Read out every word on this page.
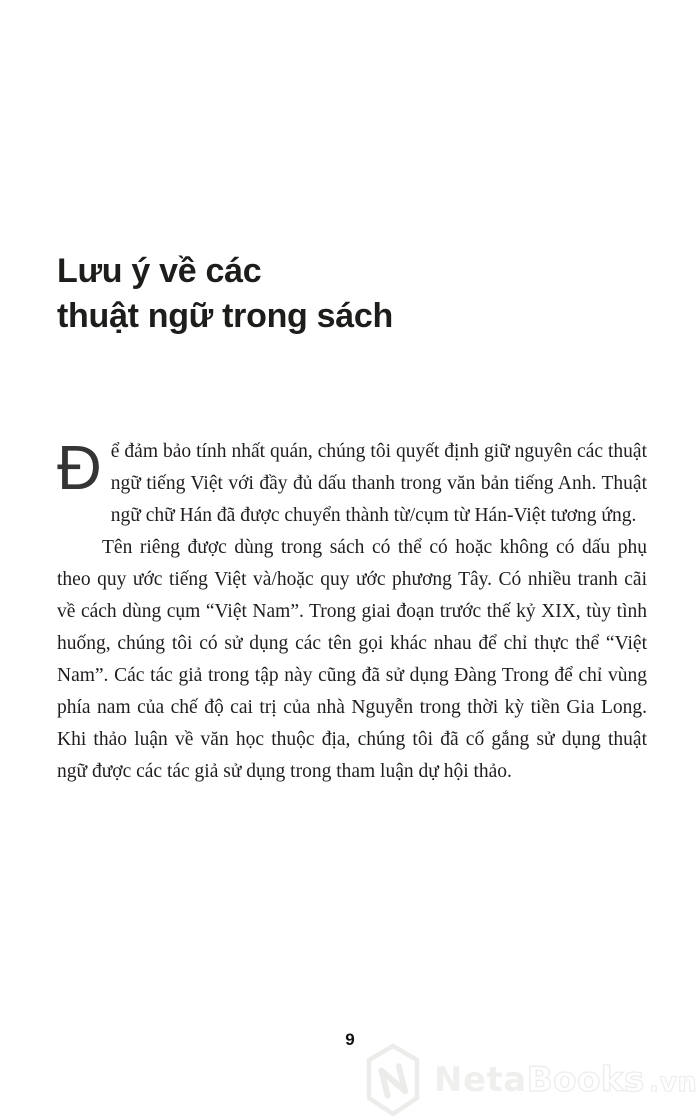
Lưu ý về các
thuật ngữ trong sách

Để đảm bảo tính nhất quán, chúng tôi quyết định giữ nguyên các thuật ngữ tiếng Việt với đầy đủ dấu thanh trong văn bản tiếng Anh. Thuật ngữ chữ Hán đã được chuyển thành từ/cụm từ Hán-Việt tương ứng.

Tên riêng được dùng trong sách có thể có hoặc không có dấu phụ theo quy ước tiếng Việt và/hoặc quy ước phương Tây. Có nhiều tranh cãi về cách dùng cụm “Việt Nam”. Trong giai đoạn trước thế kỷ XIX, tùy tình huống, chúng tôi có sử dụng các tên gọi khác nhau để chỉ thực thể “Việt Nam”. Các tác giả trong tập này cũng đã sử dụng Đàng Trong để chỉ vùng phía nam của chế độ cai trị của nhà Nguyễn trong thời kỳ tiền Gia Long. Khi thảo luận về văn học thuộc địa, chúng tôi đã cố gắng sử dụng thuật ngữ được các tác giả sử dụng trong tham luận dự hội thảo.

9
Neta Books .vn
